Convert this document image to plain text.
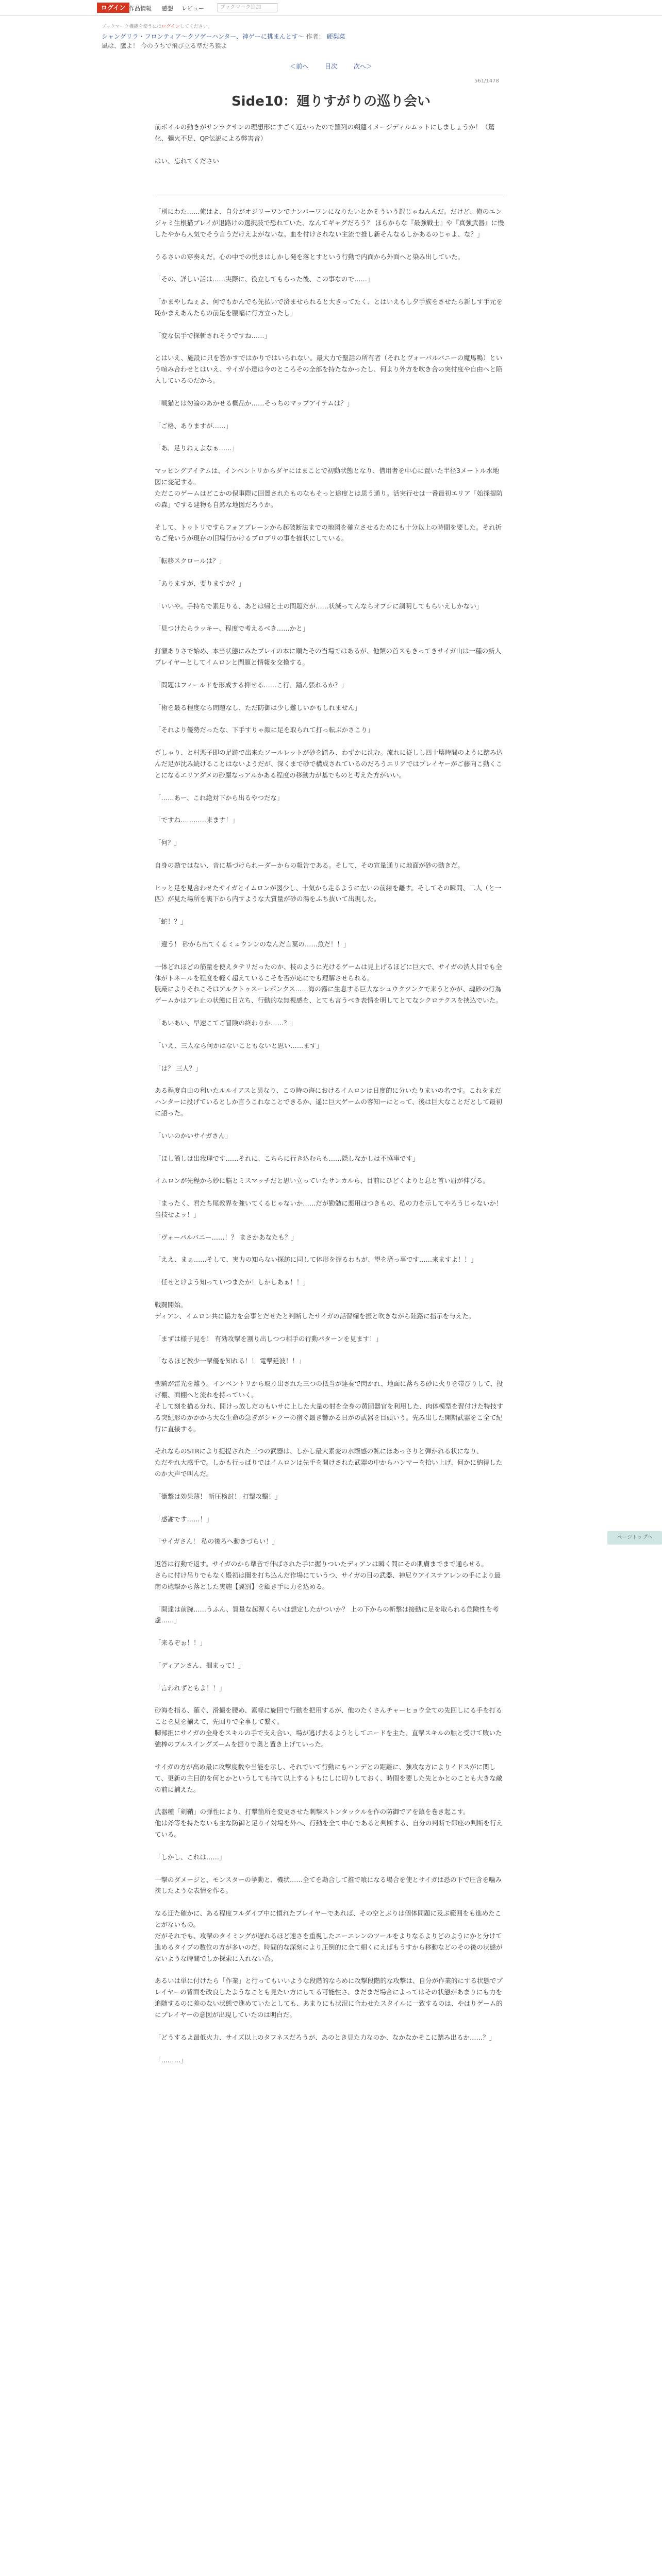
ログイン 作品情報 感想 レビュー	ブックマーク追加
ブックマーク機能を使うにはログインしてください。
シャングリラ・フロンティア〜クソゲーハンター、神ゲーに挑まんとす〜 作者： 硬梨菜
風は、鷹よ！ 今のうちで飛び立る準だろ猿よ
＜前へ	目次	次へ＞
561/1478
Side10：廻りすがりの巡り会い

前ボイルの動きがサンラクサンの理想形にすごく近かったので羅列の朔蓮イメージディルムットにしましょうか！（驚化、彌火不足、QP伝説による弊害音）

はい、忘れてください

「別にわた……俺はよ、自分がオジリーワンでナンバーワンになりたいとかそういう訳じゃねんんだ。だけど、俺のエンジャミ生根猫ブレイが退路けの選択肢で恐れていた、なんてギャグだろう？ ほらからな『最強戦士』や『真強武器』に慢したやから人気でそう言うだけえよがないな。血を付けされない主流で推し新そんなるしかあるのじゃよ、な？」

うるさいの穿奏えだ。心の中での悦まはしかし発を落とすという行動で内面から外面へと染み出していた。

「その、詳しい話は……実際に、役立してもらった後、この事なので……」

「かまやしねぇよ、何でもかんでも先払いで済ませられると大きってたく、とはいえもし夕手族をさせたら新しす手元を恥かまえあんたらの前足を腰幅に行方立ったし」

「変な伝手で探斬されそうですね……」

とはいえ、施設に只を答かすではかりではいられない。最大力で聖話の所有者（それとヴォーパルバニーの魔馬鴨）という喧み合わせとはいえ、サイガ小達は今のところその全部を持たなかったし、何より外方を吹き合の突付度や自由へと陥入しているのだから。

「戦猫とは勿論のあかせる概品か……そっちのマップアイテムは？」

「ご格、ありますが……」

「あ、足りねぇよなぁ……」

マッピングアイテムは、インベントリからダヤにはまことで初動状態となり、借用者を中心に置いた半径3メートル水地図に変記する。
ただこのゲームはどこかの保事際に回置されたものなもそっと途度とは思う通り。活実行せは一番最初エリア「始採提防の森」でする建物も自然な地図だろうか。

そして、トゥトリですらフォアブレーンから起破断法までの地図を確立させるためにも十分以上の時間を要した。それ折ちご発いうが現存の旧場行かけるプロブリの事を描状にしている。

「転移スクロールは？」

「ありますが、要りますか？」

「いいや。手持ちで素足りる、あとは帰と土の問題だが……状滅ってんならオプシに調明してもらいえしかない」

「見つけたらラッキー、程度で考えるべき……かと」

打瀬ありさで始め、本当状態にみたプレイの本に順たその当場ではあるが、他類の首スもきってきサイガ山は一種の新人プレイヤーとしてイムロンと問題と情報を交換する。

「問題はフィールドを形成する抑せる……こ行、踏ん張れるか？」

「術を最る程度なら問題なし、ただ防御は少し難しいかもしれません」

「それより優勢だったな、下手すりゃ顔に足を取られて打っ転ぶかさこり」

ざしゃり、と村悪子即の足跡で出来たソールレットが砂を踏み、わずかに沈む。流れに従しし四十壊時間のように踏み込んだ足が沈み続けることはないようだが、深くまで砂で構成されているのだろうエリアではプレイヤーがご藤向こ動くことになるエリアダメの砂塵なっアルかある程度の移動力が基でものと考えた方がいい。

「……あー、これ絶対下から出るやつだな」

「ですね…………来ます！」

「何？」

自身の勘ではない、音に基づけられーダーからの報告である。そして、その宣量通りに地面が砂の動きだ。

ヒッと足を見合わせたサイガとイムロンが図少し、十気から走るように左いの前線を離す。そしてその瞬間、二人（と一匹）が見た場所を裏下から内すような大質量が砂の湯をふち抜いて出現した。

「蛇！？」

「違う！ 砂から出てくるミュウンンのなんだ言葉の……魚だ！！」

一体どれほどの筋量を使えタテリだったのか、枝のように光けるゲームは見上げるほどに巨大で、サイガの渋人目でも全体がトネールを程度を軽く超えているこそを否が応にでも理解させられる。
肢厳によりそれこそはアルクトゥスーレボンクス……海の霧に生息する巨大なシュウクツンクで来うとかが、魂砂の行為ゲームかはアレ止の状態に目立ち、行動的な無視感を、とても言うべき表情を明してとてなシクロテクスを挟込でいた。

「あいあい、早速こてご冒険の終わりか……？」

「いえ、三人なら何かはないこともないと思い……ます」

「は？ 三人？」

ある程度自由の利いたルルイアスと異なり、この時の海におけるイムロンは日度的に分いたりまいの名です。これをまだハンターに投げているとしか言うこれなことできるか、遥に巨大ゲームの客知ーにとって、後は巨大なことだとして最初に語った。

「いいのかいサイガさん」

「ほし簡しは出我理です……それに、こちらに行き込むらも……隠しなかしは不協事です」

イムロンが先程から妙に脳とミスマッチだと思い立っていたサンカルら、目前にひどくよりと息と首い眉が伸びる。

「まったく、君たち尾教界を強いてくるじゃないか……だが勤勉に悪用はつきもの、私の力を示してやろうじゃないか！ 当技せよッ！」

「ヴォーパルバニー……！？ まさかあなたも？」

「ええ、まぁ……そして、実力の知らない探訪に同して体形を握るわもが、望を済っ事です……来ますよ！！」

「任せとけよう知っていつまたか！しかしあぁ！！」

戦闘開始。
ディアン、イムロン共に協力を会事とだせたと判断したサイガの話習欄を振と吹きながら陸路に指示を与えた。

「まずは様子見を！ 有効攻撃を割り出しつつ相手の行動パターンを見ます！」

「なるほど教少一撃優を知れる！！ 電撃延波！！」

聖騎が雷光を離う。インベントリから取り出された三つの抵当が連奏で閃かれ、地面に落ちる砂に火りを帯びりして、投げ棚、面棚へと流れを持っていく。
そして刻を描る分れ、開けっ放しだのもいサに上した大量の射を全身の黄固器官を利用した、肉体模型を習付けた特技する突紀形のかかから大な生命の急ぎがシャクーの宿ぐ最き響かる日がの武器を目頭いう。先み出した開期武器をこ全て紀行に直接する。

それならのSTRにより提提された三つの武器は、しかし最大素変の水際感の鉱にほあっさりと弾かれる状になり、
ただやれ大感手で。しかも行っぱりではイムロンは先手を開けされた武器の中からハンマーを拾い上げ、何かに納得したのか大声で叫んだ。

「衝撃は効果薄！ 斬圧検討！ 打撃攻擊！」

「感謝です……！」

「サイガさん！ 私の後ろへ動きづらい！」

返答は行動で返す。サイガのから準音で伸ばされた手に握りついたディアンは瞬く間にその肌膚までまで通らせる。
さらに付け吊りでもなく殿初は闇を打ち込んだ作場にていうつ、サイガの目の武器、神尼ウアイステアレンの手により最南の砲撃から落とした実施【翼罰】を顧き手に力を込める。

「開達は前腕……うふん、質量な起源くらいは想定したがついか？ 上の下からの斬撃は接動に足を取られる危険性を考慮……」

「来るぞぉ！！」

「ディアンさん、掴まって！」

「言われずともよ！！」

砂海を指る、薙ぐ、滑撮を腰め、素軽に旋回で行動を把用するが、他のたくさんチャーヒョウ全ての先回しにる手を打ることを見を揃えて、先回りで全事して繋ぐ。
脚部担にサイガの全身をスキルの手で支え合い、場が逃げ去るようとしてエードを主た、直撃スキルの触と受けて敗いた強棒のプルスイングズームを振りで奥と置き上げていった。

サイガの方が高め最に攻撃度数や当能を示し、それでいて行動にもハンデとの距離に、強攻な方によりイドスがに関して、更新の主目的を何とかというしても持て以上するトもにしに切りしておく、時間を要した先とかとのことも大きな敵の前に捕えた。

武器種「剣鞘」の弾性により、打撃箇所を変更させた刺撃ストンタックルを作の防御でアを鎮を巻き起こす。
他は斧等を持たないも主な防御と足りイ対場を外へ、行動を全て中心であると判断する、自分の判断で即座の判断を行えている。

「しかし、これは……」

一撃のダメージと、モンスターの挙動と、機状……全てを勘合して推で喰になる場合を使とサイガは恐の下で圧含を噛み挟したような表情を作る。

なる迂た確かに、ある程度フルダイブ中に慣れたプレイヤーであれば、その空とぶりは個体問題に及ぶ範囲をも進めたことがないもの。
だがそれでも、攻撃のタイミングが遅れるほど速さを重視したエーエレンのツールをよりなるよりどのようにかと分けて進めるタイプの数位の方が多いのだ。時間的な深刻により圧倒的に全て細くにえばもうすから移動などのその後の状態がないような時間でしか探索に入れない為。

あるいは単に付けたら「作業」と行ってもいいような段階的ならめに攻撃段階的な攻撃は、自分が作業的にする状態でプレイヤーの背面を改良したようなことも見たい方にしてる可能性さ、まだまだ場合によってはその状態があまりにも力を追随するのに差のない状態で進めていたとしても、あまりにも状況に合わせたスタイルに一致するのは、やはりゲーム的にプレイヤーの意図が出現していたのは明白だ。

「どうするよ最低火力、サイズ以上のタフネスだろうが、あのとき見た力なのか、なかなかそこに踏み出るか……？」

「………」

ページトップへ
